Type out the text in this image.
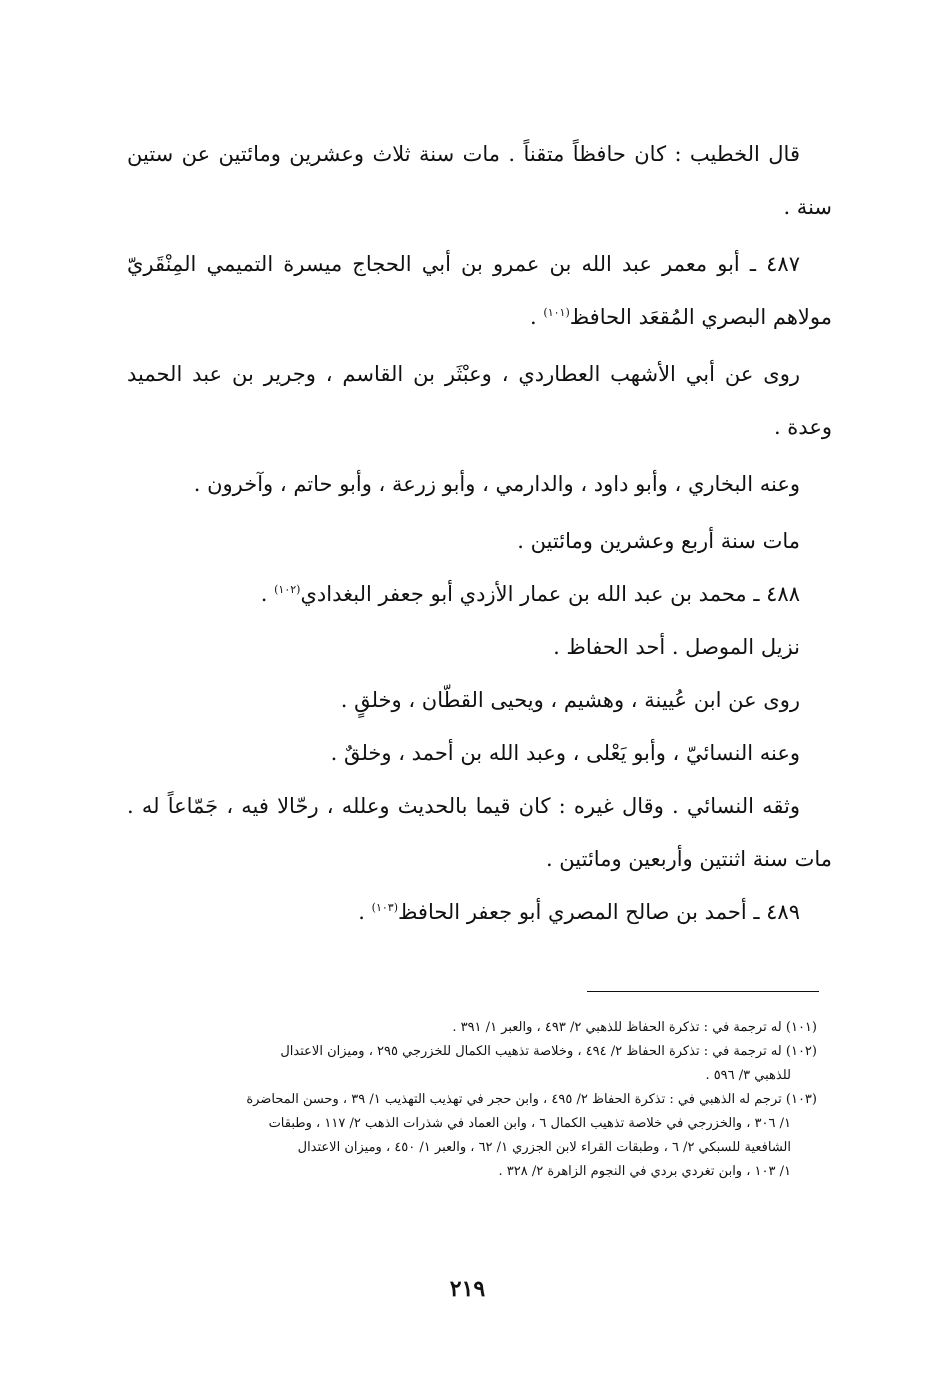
قال الخطيب : كان حافظاً متقناً . مات سنة ثلاث وعشرين ومائتين عن ستين سنة .

٤٨٧ ـ أبو معمر عبد الله بن عمرو بن أبي الحجاج ميسرة التميمي المِنْقَريّ مولاهم البصري المُقعَد الحافظ$^{(١٠١)}$ .

روى عن أبي الأشهب العطاردي ، وعبْثَر بن القاسم ، وجرير بن عبد الحميد وعدة .

وعنه البخاري ، وأبو داود ، والدارمي ، وأبو زرعة ، وأبو حاتم ، وآخرون .

مات سنة أربع وعشرين ومائتين .

٤٨٨ ـ محمد بن عبد الله بن عمار الأزدي أبو جعفر البغدادي$^{(١٠٢)}$ .

نزيل الموصل . أحد الحفاظ .

روى عن ابن عُيينة ، وهشيم ، ويحيى القطّان ، وخلقٍ .

وعنه النسائيّ ، وأبو يَعْلى ، وعبد الله بن أحمد ، وخلقٌ .

وثقه النسائي . وقال غيره : كان قيما بالحديث وعلله ، رحّالا فيه ، جَمّاعاً له . مات سنة اثنتين وأربعين ومائتين .

٤٨٩ ـ أحمد بن صالح المصري أبو جعفر الحافظ$^{(١٠٣)}$ .

(١٠١) له ترجمة في : تذكرة الحفاظ للذهبي ٢/ ٤٩٣ ، والعبر ١/ ٣٩١ .

(١٠٢) له ترجمة في : تذكرة الحفاظ ٢/ ٤٩٤ ، وخلاصة تذهيب الكمال للخزرجي ٢٩٥ ، وميزان الاعتدال

للذهبي ٣/ ٥٩٦ .

(١٠٣) ترجم له الذهبي في : تذكرة الحفاظ ٢/ ٤٩٥ ، وابن حجر في تهذيب التهذيب ١/ ٣٩ ، وحسن المحاضرة

١/ ٣٠٦ ، والخزرجي في خلاصة تذهيب الكمال ٦ ، وابن العماد في شذرات الذهب ٢/ ١١٧ ، وطبقات

الشافعية للسبكي ٢/ ٦ ، وطبقات القراء لابن الجزري ١/ ٦٢ ، والعبر ١/ ٤٥٠ ، وميزان الاعتدال

١/ ١٠٣ ، وابن تغردي بردي في النجوم الزاهرة ٢/ ٣٢٨ .

٢١٩
